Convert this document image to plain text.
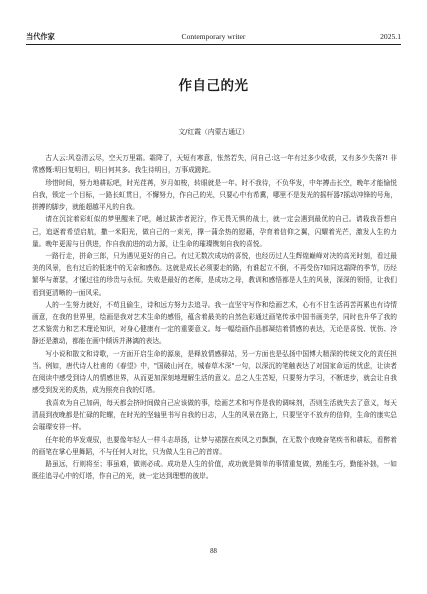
当代作家	Contemporary writer	2025.1
作自己的光
文/红霞（内蒙古通辽）

古人云:风卷清云尽，空天万里霜。霜降了，天短有寒意，怅然若失，问自己:这一年有过多少收获，又有多少失落?! 非常感慨:明日复明日，明日何其多。我生待明日，万事成蹉跎。

珍惜时间，努力地耕耘吧，时光荏苒，岁月如梭，转眼就是一年。时不我待，不负华发，中年搏击长空，晚年才能愉悦自我，锁定一个目标，一路长虹贯日，不懈努力，作自己的光，只要心中有希冀，哪里不是发光的摇杆器?摇动冲锋的号角，拼搏的脚步，就能超越平凡的自我。

请在沉淀着彩虹似的梦里醒来了吧，趟过跋涉者泥泞，作无畏无惧的战士，就一定会遇到最优的自己。请栽我吾想自己，追逐着希望启航，撒一米阳光，做自己的一束光，撑一蒲余热的慰藉，孕育着信仰之翼，闪耀着光芒，激发人生的力量。晚年更需与日俱进，作自我前进的动力源，让生命的璀璨镌刻自我的喜悦。

一路行走，拼命三郎，只为遇见更好的自己。有过无数次成功的喜悦，也经历过人生辉煌巅峰对决的高光时刻，看过最美的风景，也有过后的低迷中的无奈和感伤。这就是成长必须要走的路，有谁起立不倒，不再受伤?如同这霜降的季节，历经繁华与萧瑟，才懂过往的珍贵与永恒。失败是最好的老师，是成功之母，教训和感悟都是人生的风景，深深的领悟，让我们看到更清晰的一面风采。

人的一生努力就好，不苟且偷生，诗和远方努力去追寻。我一直坚守写作和绘画艺术，心有不甘生活再苦再累也有诗情画意，在我的世界里，绘画是我对艺术生命的感悟，蕴含着最美的自然色彩通过画笔传承中国书画美学，同时也升华了我的艺术鉴赏力和艺术理论知识，对身心健康有一定的重要意义。每一幅绘画作品都凝结着情感的表达，无论是喜悦、忧伤、冷静还是激动，都能在画中倾诉并淋漓的表达。

写小说和散文和诗歌，一方面开启生命的源泉，是释放情感驿站，另一方面也是弘扬中国博大精深的传统文化的责任担当。例如，唐代诗人杜甫的《春望》中，"国破山河在，城春草木深"一句，以深沉的笔触表达了对国家命运的忧虑，让读者在阅读中感受到诗人的情感世界，从而更加深刻地理解生活的意义。总之人生苦短，只要努力学习，不断进步，就会让自我感受到发光的炙热，成为照亮自我的灯塔。

我喜欢为自己加码，每天都会挤时间做自己应该做的事，绘画艺术和写作是我的调味剂，否则生活就失去了意义，每天清晨到夜晚都是忙碌的陀螺，在时光的坚轴里书写自我的日志，人生的风景在路上，只要坚守不放弃的信仰，生命的康实总会璀璨安祥一样。

任年轮的华发观驭，也要像年轻人一样斗志昂扬，让梦与裙摆在疾风之刃飘飘，在无数个夜晚奋笔疾书和耕耘，看醉着的画笔在掌心里舞蹈，不与任何人对比，只为做人生自己的首席。

路虽远，行则将至；事虽难，做则必成。成功是人生的价值，成功就是简单的事情重复做，熟能生巧，勤能补拙，一如既往追寻心中的灯塔，作自己的光，就一定达到理想的彼岸。

88
